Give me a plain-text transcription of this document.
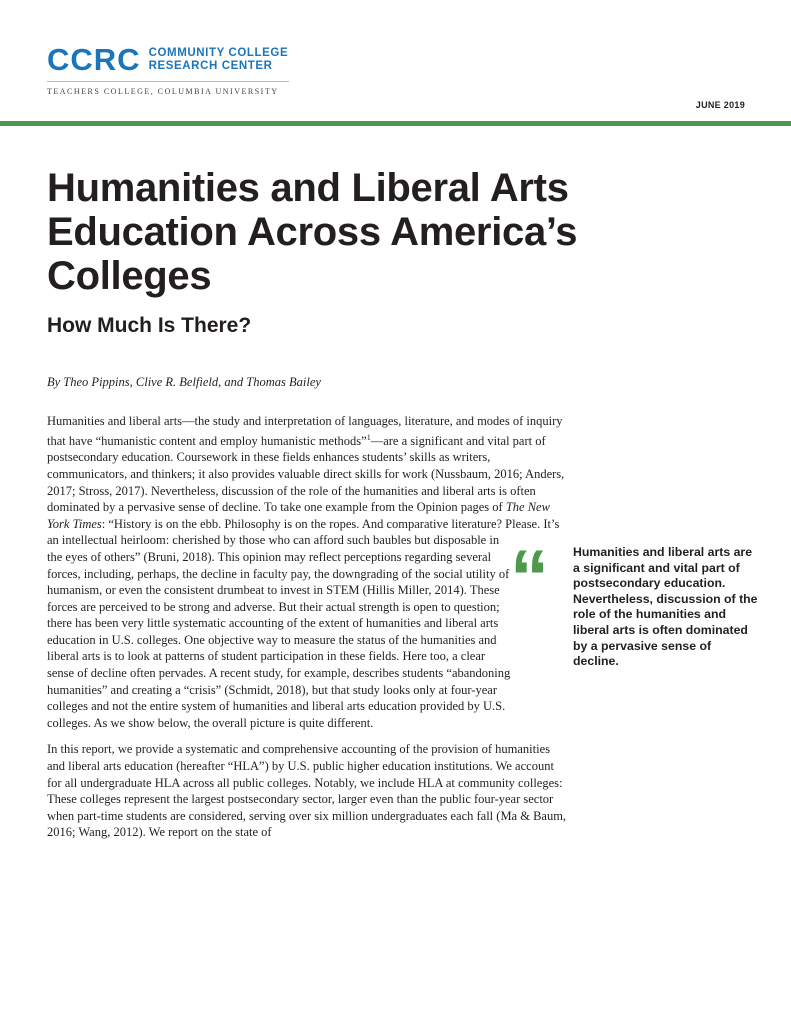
CCRC COMMUNITY COLLEGE
RESEARCH CENTER
TEACHERS COLLEGE, COLUMBIA UNIVERSITY
JUNE 2019
Humanities and Liberal Arts Education Across America’s Colleges
How Much Is There?
By Theo Pippins, Clive R. Belfield, and Thomas Bailey
“ Humanities and liberal arts are a significant and vital part of postsecondary education. Nevertheless, discussion of the role of the humanities and liberal arts is often dominated by a pervasive sense of decline.

Humanities and liberal arts—the study and interpretation of languages, literature, and modes of inquiry that have “humanistic content and employ humanistic methods”$^1$—are a significant and vital part of postsecondary education. Coursework in these fields enhances students’ skills as writers, communicators, and thinkers; it also provides valuable direct skills for work (Nussbaum, 2016; Anders, 2017; Stross, 2017). Nevertheless, discussion of the role of the humanities and liberal arts is often dominated by a pervasive sense of decline. To take one example from the Opinion pages of The New York Times: “History is on the ebb. Philosophy is on the ropes. And comparative literature? Please. It’s an intellectual heirloom: cherished by those who can afford such baubles but disposable in the eyes of others” (Bruni, 2018). This opinion may reflect perceptions regarding several forces, including, perhaps, the decline in faculty pay, the downgrading of the social utility of humanism, or even the consistent drumbeat to invest in STEM (Hillis Miller, 2014). These forces are perceived to be strong and adverse. But their actual strength is open to question; there has been very little systematic accounting of the extent of humanities and liberal arts education in U.S. colleges. One objective way to measure the status of the humanities and liberal arts is to look at patterns of student participation in these fields. Here too, a clear sense of decline often pervades. A recent study, for example, describes students “abandoning humanities” and creating a “crisis” (Schmidt, 2018), but that study looks only at four-year colleges and not the entire system of humanities and liberal arts education provided by U.S. colleges. As we show below, the overall picture is quite different.

In this report, we provide a systematic and comprehensive accounting of the provision of humanities and liberal arts education (hereafter “HLA”) by U.S. public higher education institutions. We account for all undergraduate HLA across all public colleges. Notably, we include HLA at community colleges: These colleges represent the largest postsecondary sector, larger even than the public four-year sector when part-time students are considered, serving over six million undergraduates each fall (Ma & Baum, 2016; Wang, 2012). We report on the state of
